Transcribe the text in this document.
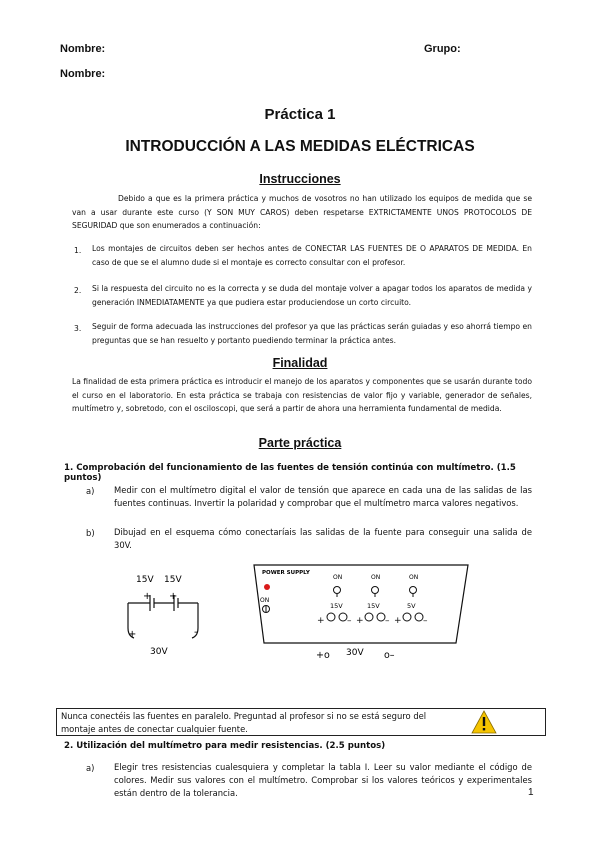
Nombre:	Grupo:
Nombre:
Práctica 1
INTRODUCCIÓN A LAS MEDIDAS ELÉCTRICAS
Instrucciones
Debido a que es la primera práctica y muchos de vosotros no han utilizado los equipos de medida que se van a usar durante este curso (Y SON MUY CAROS) deben respetarse EXTRICTAMENTE UNOS PROTOCOLOS DE SEGURIDAD que son enumerados a continuación:
1. Los montajes de circuitos deben ser hechos antes de CONECTAR LAS FUENTES DE O APARATOS DE MEDIDA. En caso de que se el alumno dude si el montaje es correcto consultar con el profesor.
2. Si la respuesta del circuito no es la correcta y se duda del montaje volver a apagar todos los aparatos de medida y generación INMEDIATAMENTE ya que pudiera estar produciendose un corto circuito.
3. Seguir de forma adecuada las instrucciones del profesor ya que las prácticas serán guiadas y eso ahorrá tiempo en preguntas que se han resuelto y portanto puediendo terminar la práctica antes.
Finalidad
La finalidad de esta primera práctica es introducir el manejo de los aparatos y componentes que se usarán durante todo el curso en el laboratorio. En esta práctica se trabaja con resistencias de valor fijo y variable, generador de señales, multímetro y, sobretodo, con el osciloscopi, que será a partir de ahora una herramienta fundamental de medida.
Parte práctica
1. Comprobación del funcionamiento de las fuentes de tensión continúa con multímetro. (1.5 puntos)
a) Medir con el multímetro digital el valor de tensión que aparece en cada una de las salidas de las fuentes continuas. Invertir la polaridad y comprobar que el multímetro marca valores negativos.
b) Dibujad en el esquema cómo conectaríais las salidas de la fuente para conseguir una salida de 30V.
15V 15V
+ +
+	-
30V
POWER SUPPLY
ON
ON	ON	ON
15V	15V	5V
+ – + – + –
+o 30V o–
Nunca conectéis las fuentes en paralelo. Preguntad al profesor si no se está seguro del montaje antes de conectar cualquier fuente.
2. Utilización del multímetro para medir resistencias. (2.5 puntos)
a) Elegir tres resistencias cualesquiera y completar la tabla I. Leer su valor mediante el código de colores. Medir sus valores con el multímetro. Comprobar si los valores teóricos y experimentales están dentro de la tolerancia.	1
